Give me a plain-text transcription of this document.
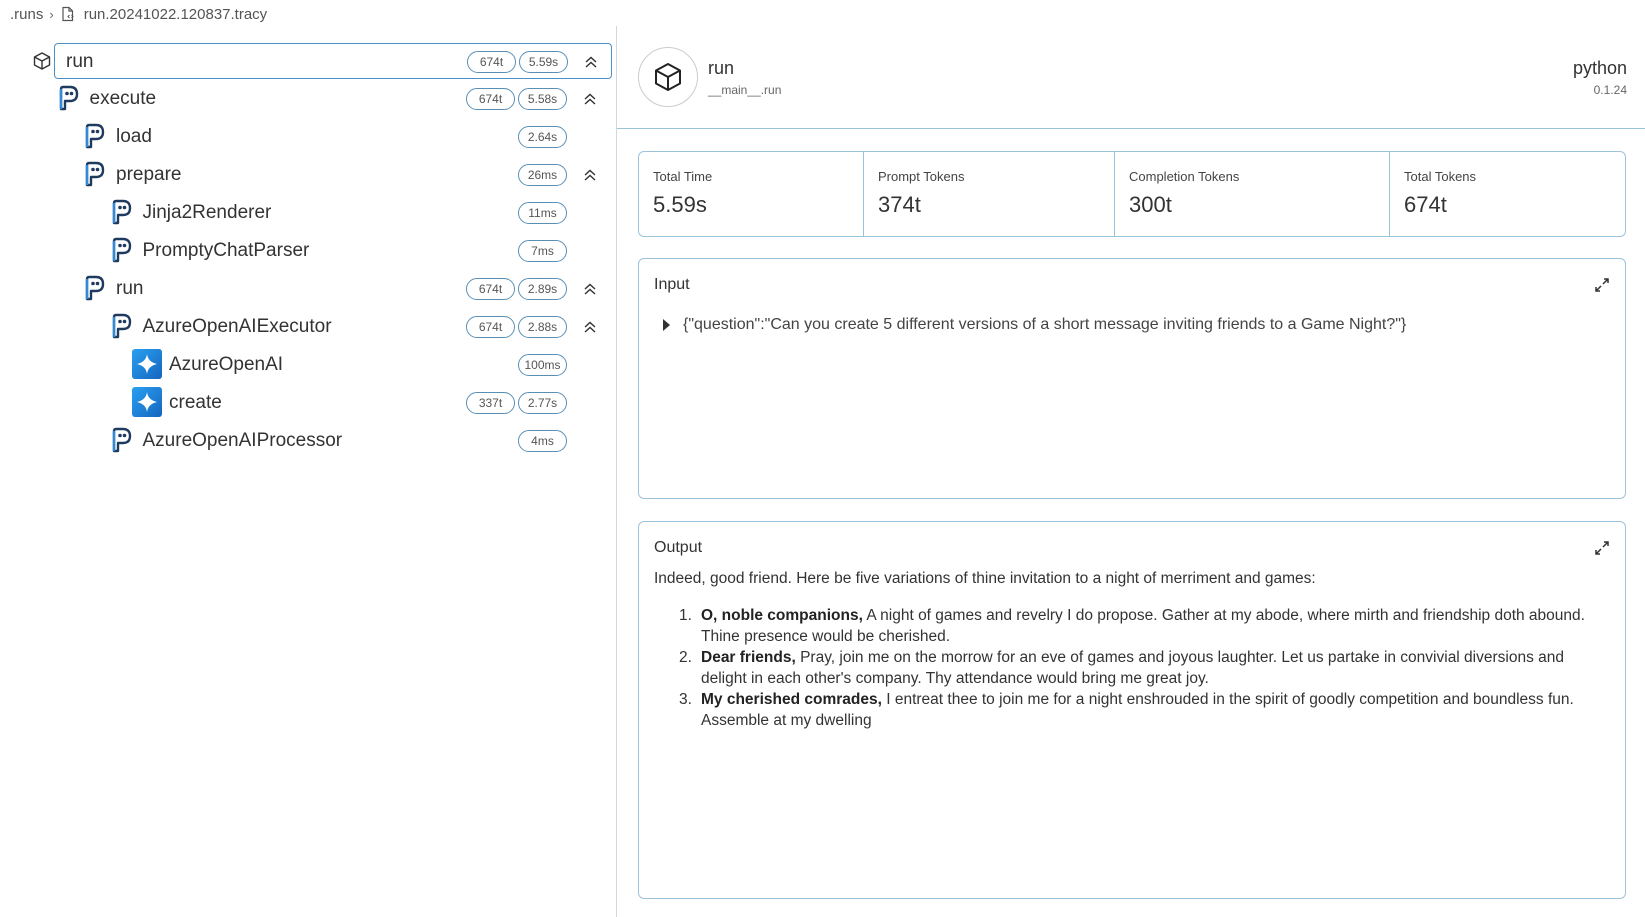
.runs › run.20241022.120837.tracy
run	674t	5.59s
execute	674t	5.58s
load	2.64s
prepare	26ms
Jinja2Renderer	11ms
PromptyChatParser	7ms
run	674t	2.89s
AzureOpenAIExecutor	674t	2.88s
AzureOpenAI	100ms
create	337t	2.77s
AzureOpenAIProcessor	4ms
run
__main__.run
python
0.1.24
Total Time
5.59s
Prompt Tokens
374t
Completion Tokens
300t
Total Tokens
674t
Input
{"question":"Can you create 5 different versions of a short message inviting friends to a Game Night?"}
Output
Indeed, good friend. Here be five variations of thine invitation to a night of merriment and games:
1. O, noble companions, A night of games and revelry I do propose. Gather at my abode, where mirth and friendship doth abound. Thine presence would be cherished.
2. Dear friends, Pray, join me on the morrow for an eve of games and joyous laughter. Let us partake in convivial diversions and delight in each other's company. Thy attendance would bring me great joy.
3. My cherished comrades, I entreat thee to join me for a night enshrouded in the spirit of goodly competition and boundless fun. Assemble at my dwelling
